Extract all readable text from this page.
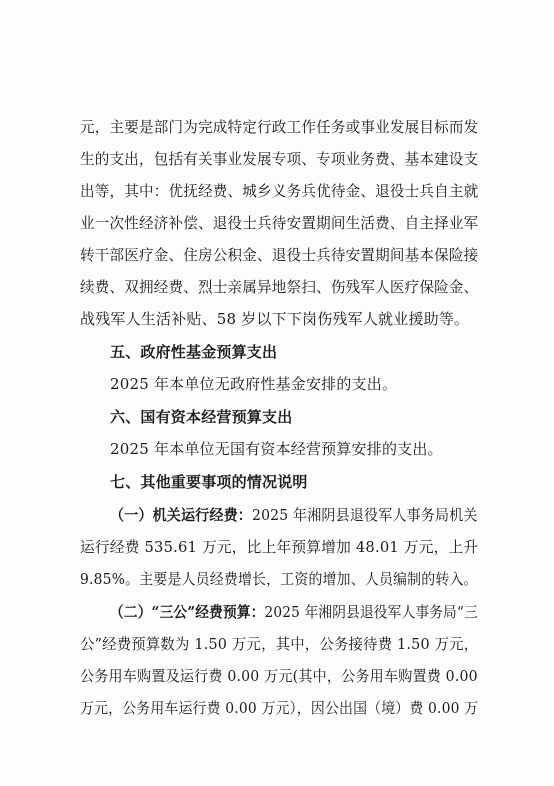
元，主要是部门为完成特定行政工作任务或事业发展目标而发
生的支出，包括有关事业发展专项、专项业务费、基本建设支
出等，其中：优抚经费、城乡义务兵优待金、退役士兵自主就
业一次性经济补偿、退役士兵待安置期间生活费、自主择业军
转干部医疗金、住房公积金、退役士兵待安置期间基本保险接
续费、双拥经费、烈士亲属异地祭扫、伤残军人医疗保险金、
战残军人生活补贴、58 岁以下下岗伤残军人就业援助等。
五、政府性基金预算支出
2025 年本单位无政府性基金安排的支出。
六、国有资本经营预算支出
2025 年本单位无国有资本经营预算安排的支出。
七、其他重要事项的情况说明
（一）机关运行经费：2025 年湘阴县退役军人事务局机关
运行经费 535.61 万元，比上年预算增加 48.01 万元，上升
9.85%。主要是人员经费增长，工资的增加、人员编制的转入。
（二）“三公”经费预算：2025 年湘阴县退役军人事务局“三
公”经费预算数为 1.50 万元，其中，公务接待费 1.50 万元，
公务用车购置及运行费 0.00 万元(其中，公务用车购置费 0.00
万元，公务用车运行费 0.00 万元），因公出国（境）费 0.00 万
